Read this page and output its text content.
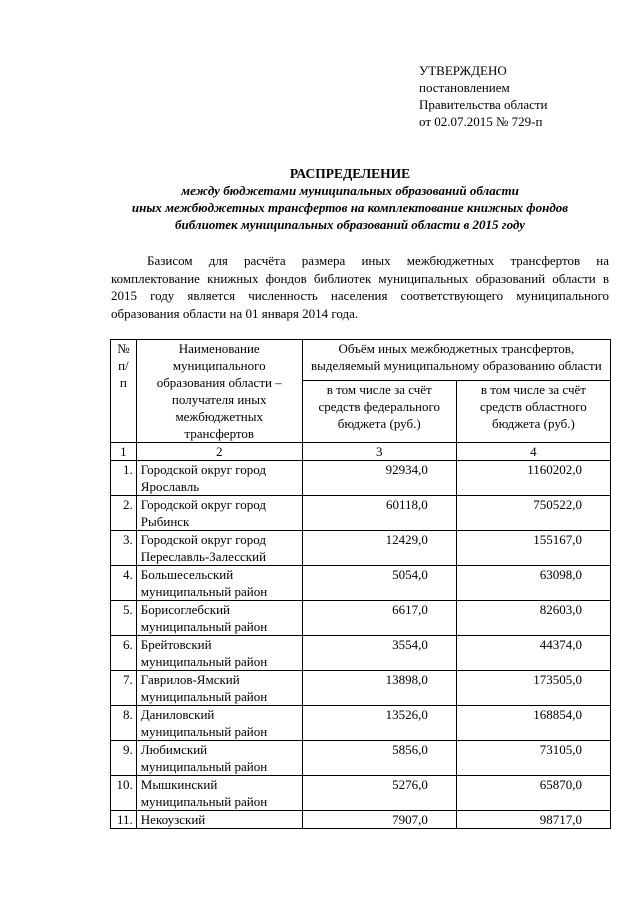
УТВЕРЖДЕНО
постановлением
Правительства области
от 02.07.2015 № 729-п
РАСПРЕДЕЛЕНИЕ
между бюджетами муниципальных образований области
иных межбюджетных трансфертов на комплектование книжных фондов
библиотек муниципальных образований области в 2015 году
Базисом для расчёта размера иных межбюджетных трансфертов на комплектование книжных фондов библиотек муниципальных образований области в 2015 году является численность населения соответствующего муниципального образования области на 01 января 2014 года.
№ п/п	Наименование муниципального образования области – получателя иных межбюджетных трансфертов	Объём иных межбюджетных трансфертов, выделяемый муниципальному образованию области	
		в том числе за счёт средств федерального бюджета (руб.)	в том числе за счёт средств областного бюджета (руб.)
1	2	3	4
1.	Городской округ город Ярославль	92934,0	1160202,0
2.	Городской округ город Рыбинск	60118,0	750522,0
3.	Городской округ город Переславль-Залесский	12429,0	155167,0
4.	Большесельский муниципальный район	5054,0	63098,0
5.	Борисоглебский муниципальный район	6617,0	82603,0
6.	Брейтовский муниципальный район	3554,0	44374,0
7.	Гаврилов-Ямский муниципальный район	13898,0	173505,0
8.	Даниловский муниципальный район	13526,0	168854,0
9.	Любимский муниципальный район	5856,0	73105,0
10.	Мышкинский муниципальный район	5276,0	65870,0
11.	Некоузский	7907,0	98717,0
